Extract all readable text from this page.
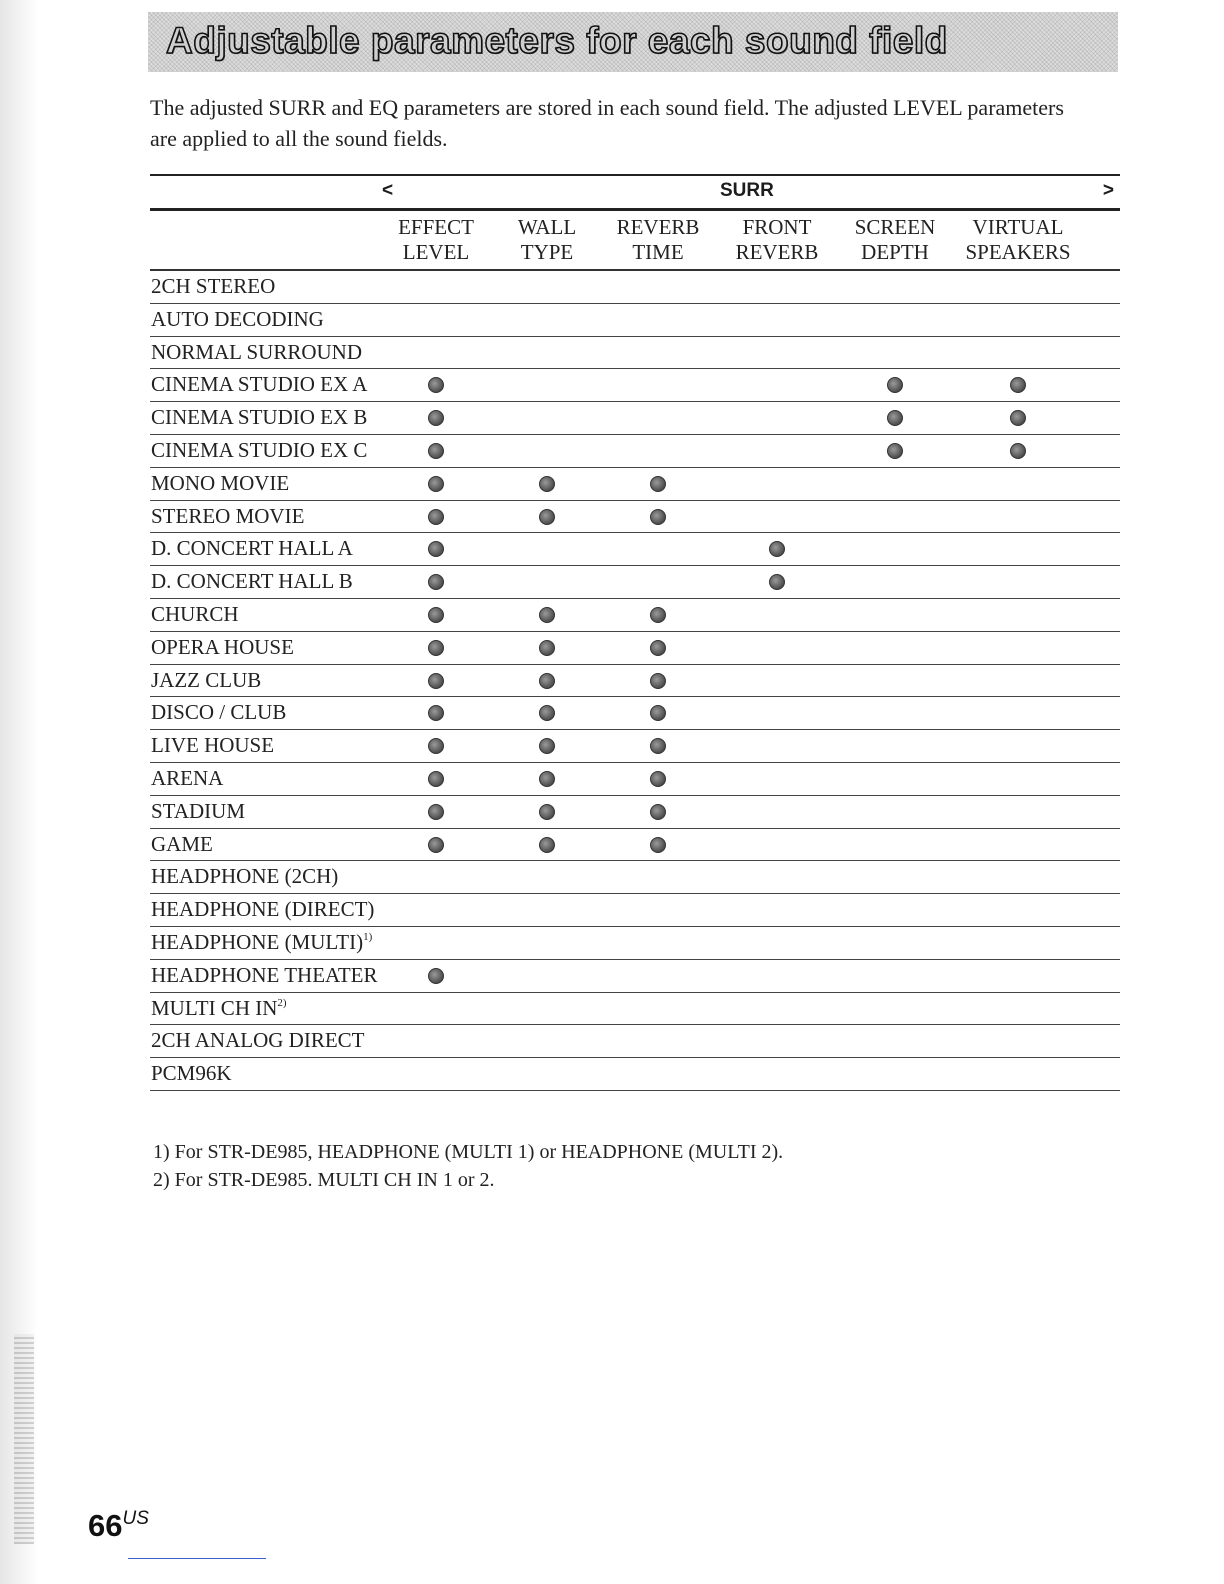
Adjustable parameters for each sound field
The adjusted SURR and EQ parameters are stored in each sound field. The adjusted LEVEL parameters are applied to all the sound fields.
<	SURR	>
EFFECT
LEVEL
WALL
TYPE
REVERB
TIME
FRONT
REVERB
SCREEN
DEPTH
VIRTUAL
SPEAKERS
2CH STEREO
AUTO DECODING
NORMAL SURROUND
CINEMA STUDIO EX A
CINEMA STUDIO EX B
CINEMA STUDIO EX C
MONO MOVIE
STEREO MOVIE
D. CONCERT HALL A
D. CONCERT HALL B
CHURCH
OPERA HOUSE
JAZZ CLUB
DISCO / CLUB
LIVE HOUSE
ARENA
STADIUM
GAME
HEADPHONE (2CH)
HEADPHONE (DIRECT)
HEADPHONE (MULTI)$^{1)}$
HEADPHONE THEATER
MULTI CH IN$^{2)}$
2CH ANALOG DIRECT
PCM96K
1) For STR-DE985, HEADPHONE (MULTI 1) or HEADPHONE (MULTI 2).
2) For STR-DE985. MULTI CH IN 1 or 2.
$66^{US}$
